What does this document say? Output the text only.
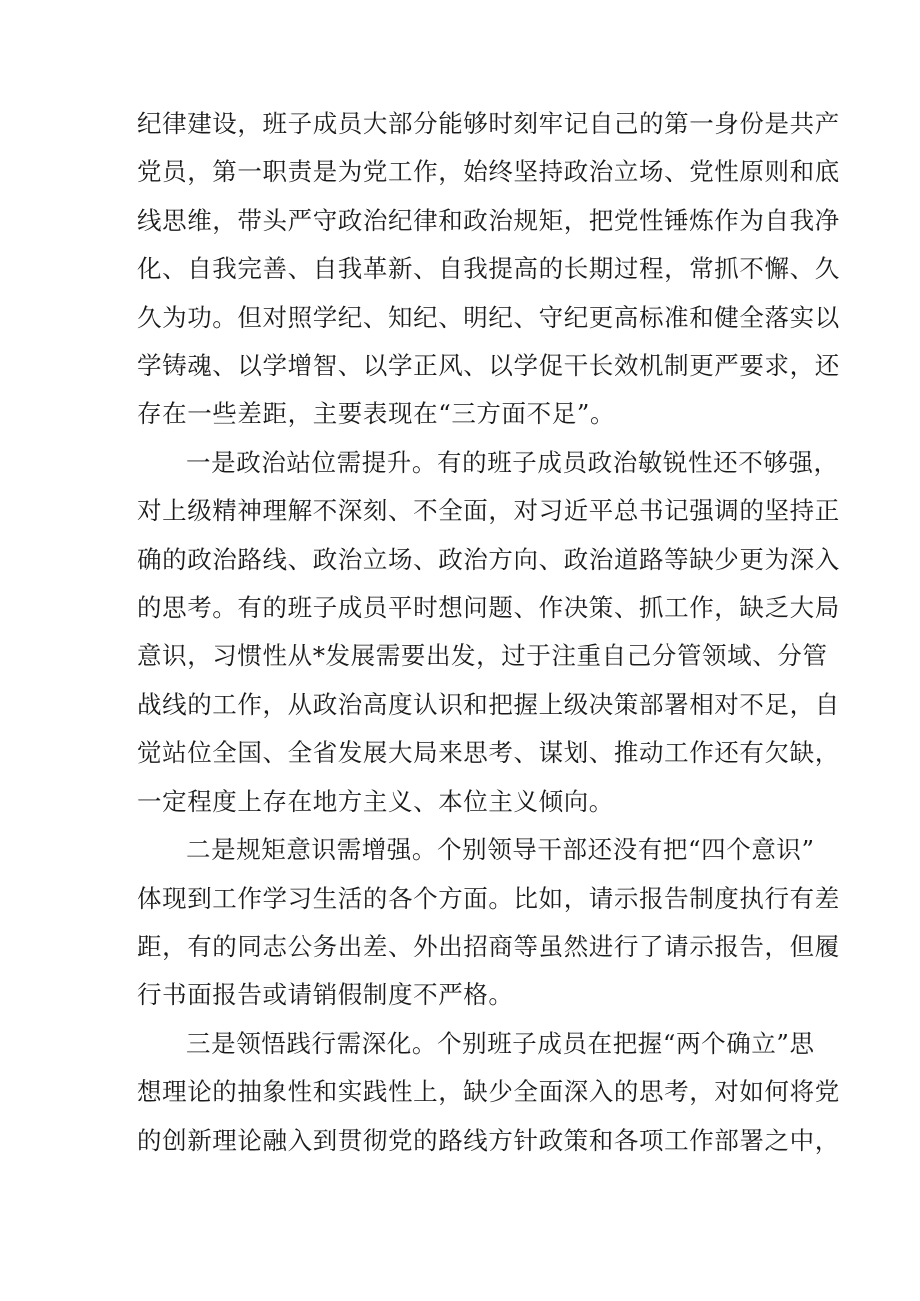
纪律建设，班子成员大部分能够时刻牢记自己的第一身份是共产
党员，第一职责是为党工作，始终坚持政治立场、党性原则和底
线思维，带头严守政治纪律和政治规矩，把党性锤炼作为自我净
化、自我完善、自我革新、自我提高的长期过程，常抓不懈、久
久为功。但对照学纪、知纪、明纪、守纪更高标准和健全落实以
学铸魂、以学增智、以学正风、以学促干长效机制更严要求，还
存在一些差距，主要表现在“三方面不足”。

一是政治站位需提升。有的班子成员政治敏锐性还不够强，
对上级精神理解不深刻、不全面，对习近平总书记强调的坚持正
确的政治路线、政治立场、政治方向、政治道路等缺少更为深入
的思考。有的班子成员平时想问题、作决策、抓工作，缺乏大局
意识，习惯性从*发展需要出发，过于注重自己分管领域、分管
战线的工作，从政治高度认识和把握上级决策部署相对不足，自
觉站位全国、全省发展大局来思考、谋划、推动工作还有欠缺，
一定程度上存在地方主义、本位主义倾向。

二是规矩意识需增强。个别领导干部还没有把“四个意识”
体现到工作学习生活的各个方面。比如，请示报告制度执行有差
距，有的同志公务出差、外出招商等虽然进行了请示报告，但履
行书面报告或请销假制度不严格。

三是领悟践行需深化。个别班子成员在把握“两个确立”思
想理论的抽象性和实践性上，缺少全面深入的思考，对如何将党
的创新理论融入到贯彻党的路线方针政策和各项工作部署之中，
